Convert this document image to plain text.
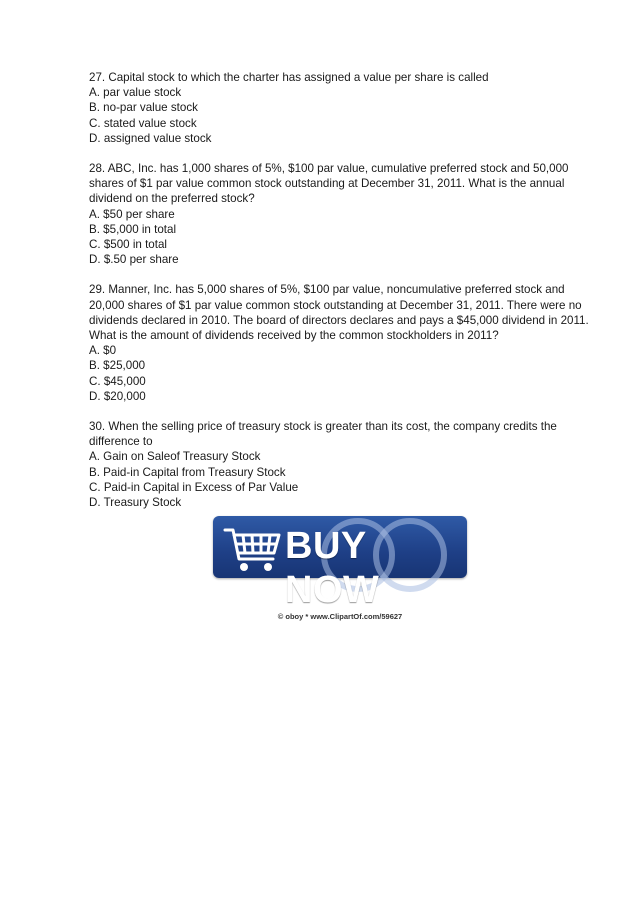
27. Capital stock to which the charter has assigned a value per share is called

A. par value stock
B. no-par value stock
C. stated value stock
D. assigned value stock

28. ABC, Inc. has 1,000 shares of 5%, $100 par value, cumulative preferred stock and 50,000 shares of $1 par value common stock outstanding at December 31, 2011. What is the annual dividend on the preferred stock?

A. $50 per share
B. $5,000 in total
C. $500 in total
D. $.50 per share

29. Manner, Inc. has 5,000 shares of 5%, $100 par value, noncumulative preferred stock and 20,000 shares of $1 par value common stock outstanding at December 31, 2011. There were no dividends declared in 2010. The board of directors declares and pays a $45,000 dividend in 2011. What is the amount of dividends received by the common stockholders in 2011?

A. $0
B. $25,000
C. $45,000
D. $20,000

30. When the selling price of treasury stock is greater than its cost, the company credits the difference to

A. Gain on Saleof Treasury Stock
B. Paid-in Capital from Treasury Stock
C. Paid-in Capital in Excess of Par Value
D. Treasury Stock
BUY NOW
© oboy * www.ClipartOf.com/59627
